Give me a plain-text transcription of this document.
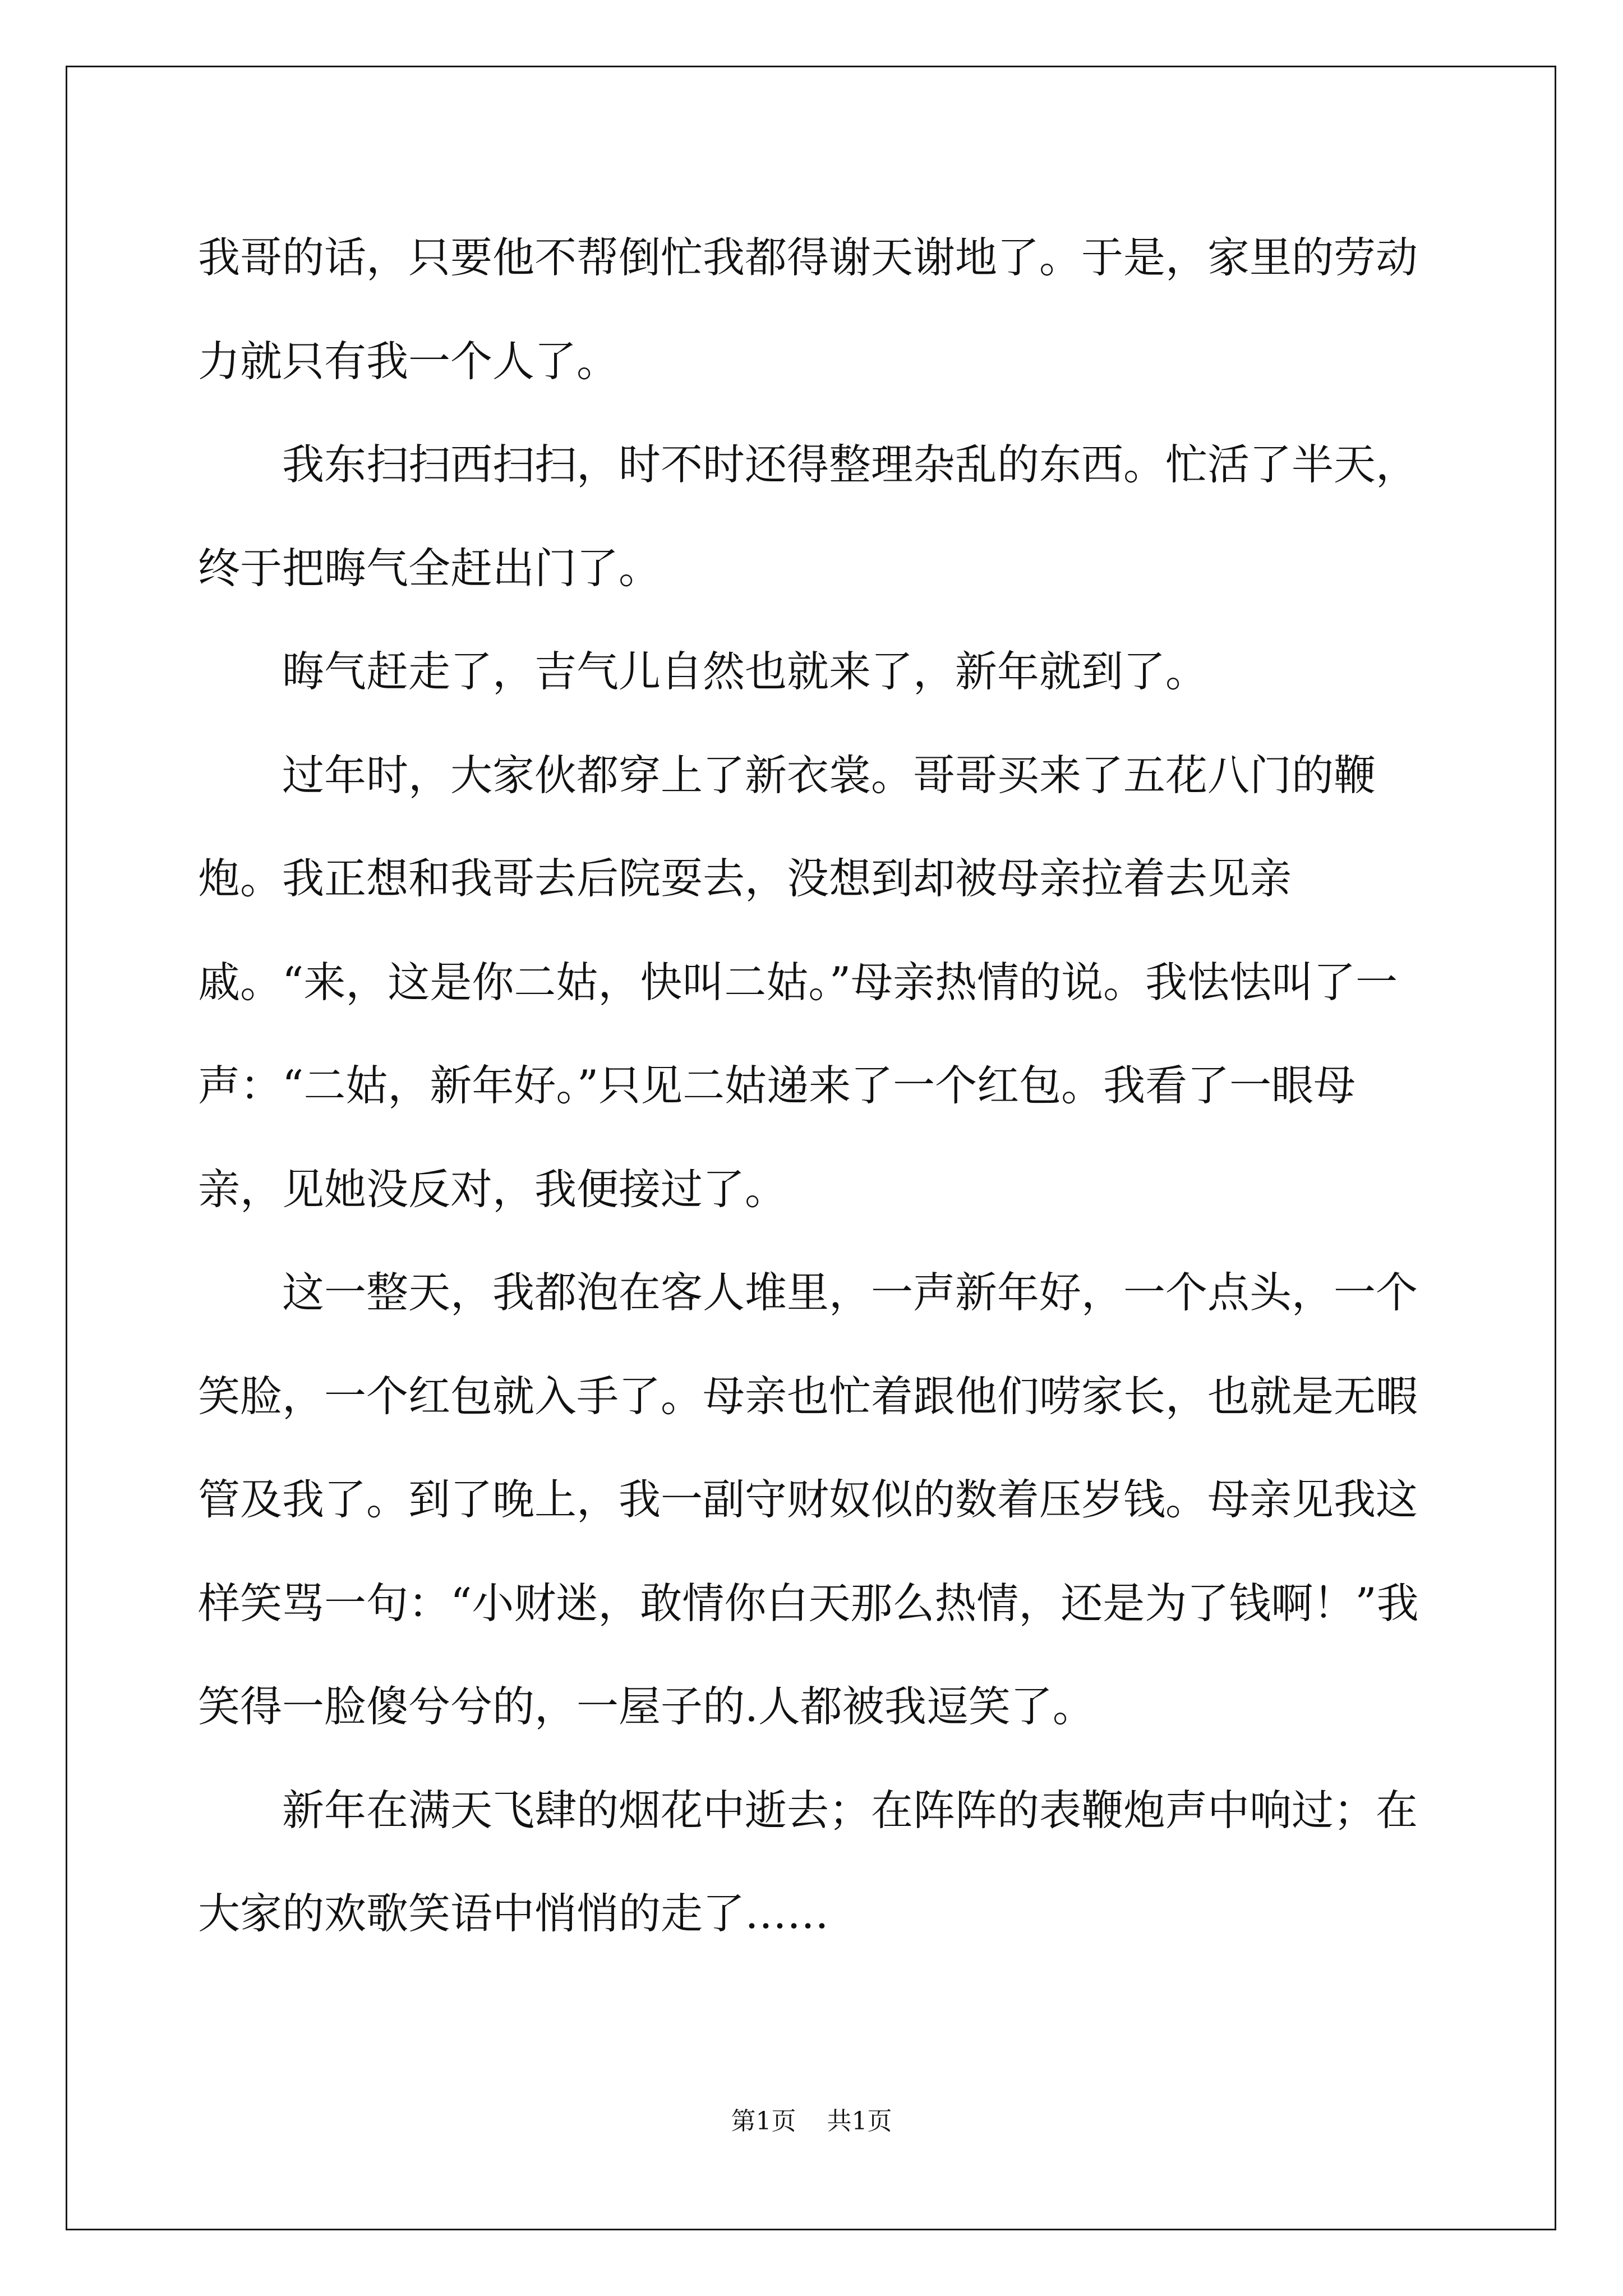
我哥的话，只要他不帮倒忙我都得谢天谢地了。于是，家里的劳动力就只有我一个人了。

我东扫扫西扫扫，时不时还得整理杂乱的东西。忙活了半天，终于把晦气全赶出门了。

晦气赶走了，吉气儿自然也就来了，新年就到了。

过年时，大家伙都穿上了新衣裳。哥哥买来了五花八门的鞭炮。我正想和我哥去后院耍去，没想到却被母亲拉着去见亲戚。“来，这是你二姑，快叫二姑。”母亲热情的说。我怯怯叫了一声：“二姑，新年好。”只见二姑递来了一个红包。我看了一眼母亲，见她没反对，我便接过了。

这一整天，我都泡在客人堆里，一声新年好，一个点头，一个笑脸，一个红包就入手了。母亲也忙着跟他们唠家长，也就是无暇管及我了。到了晚上，我一副守财奴似的数着压岁钱。母亲见我这样笑骂一句：“小财迷，敢情你白天那么热情，还是为了钱啊！”我笑得一脸傻兮兮的，一屋子的.人都被我逗笑了。

新年在满天飞肆的烟花中逝去；在阵阵的表鞭炮声中响过；在大家的欢歌笑语中悄悄的走了……

第1页 共1页
